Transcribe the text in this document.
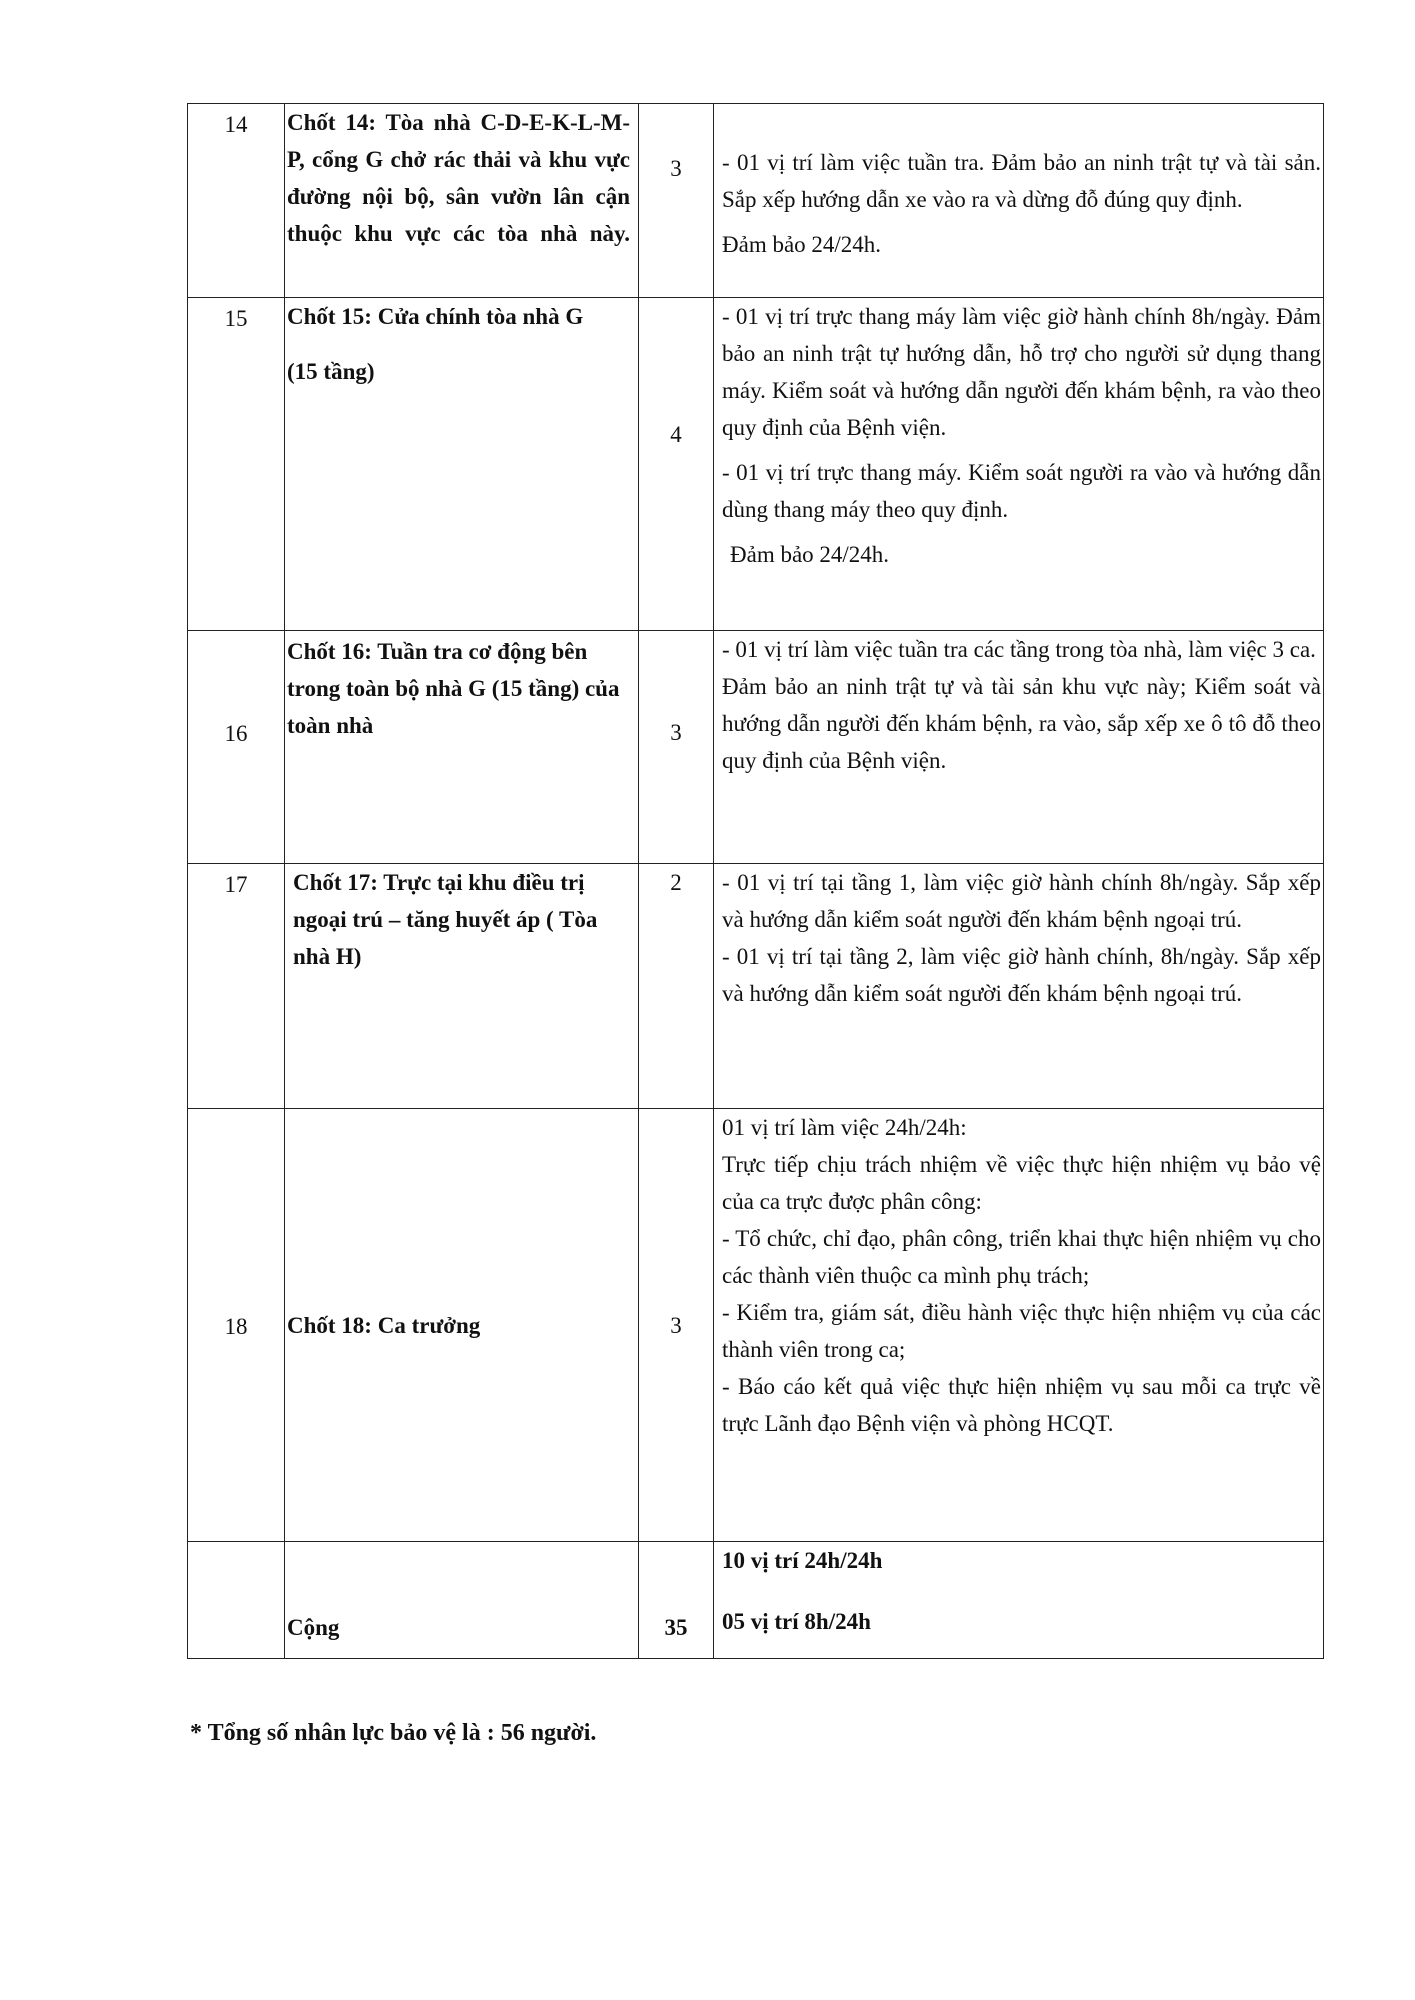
14	Chốt 14: Tòa nhà C-D-E-K-L-M-P, cổng G chở rác thải và khu vực đường nội bộ, sân vườn lân cận thuộc khu vực các tòa nhà này.	3	- 01 vị trí làm việc tuần tra. Đảm bảo an ninh trật tự và tài sản. Sắp xếp hướng dẫn xe vào ra và dừng đỗ đúng quy định.
Đảm bảo 24/24h.

15	Chốt 15: Cửa chính tòa nhà G
(15 tầng)	4	- 01 vị trí trực thang máy làm việc giờ hành chính 8h/ngày. Đảm bảo an ninh trật tự hướng dẫn, hỗ trợ cho người sử dụng thang máy. Kiểm soát và hướng dẫn người đến khám bệnh, ra vào theo quy định của Bệnh viện.
- 01 vị trí trực thang máy. Kiểm soát người ra vào và hướng dẫn dùng thang máy theo quy định.
Đảm bảo 24/24h.

16	Chốt 16: Tuần tra cơ động bên trong toàn bộ nhà G (15 tầng) của toàn nhà	3	- 01 vị trí làm việc tuần tra các tầng trong tòa nhà, làm việc 3 ca.
Đảm bảo an ninh trật tự và tài sản khu vực này; Kiểm soát và hướng dẫn người đến khám bệnh, ra vào, sắp xếp xe ô tô đỗ theo quy định của Bệnh viện.

17	Chốt 17: Trực tại khu điều trị ngoại trú – tăng huyết áp ( Tòa nhà H)	2	- 01 vị trí tại tầng 1, làm việc giờ hành chính 8h/ngày. Sắp xếp và hướng dẫn kiểm soát người đến khám bệnh ngoại trú.
- 01 vị trí tại tầng 2, làm việc giờ hành chính, 8h/ngày. Sắp xếp và hướng dẫn kiểm soát người đến khám bệnh ngoại trú.

18	Chốt 18: Ca trưởng	3	01 vị trí làm việc 24h/24h:
Trực tiếp chịu trách nhiệm về việc thực hiện nhiệm vụ bảo vệ của ca trực được phân công:
- Tổ chức, chỉ đạo, phân công, triển khai thực hiện nhiệm vụ cho các thành viên thuộc ca mình phụ trách;
- Kiểm tra, giám sát, điều hành việc thực hiện nhiệm vụ của các thành viên trong ca;
- Báo cáo kết quả việc thực hiện nhiệm vụ sau mỗi ca trực về trực Lãnh đạo Bệnh viện và phòng HCQT.

	Cộng	35	10 vị trí 24h/24h
05 vị trí 8h/24h
* Tổng số nhân lực bảo vệ là : 56 người.
